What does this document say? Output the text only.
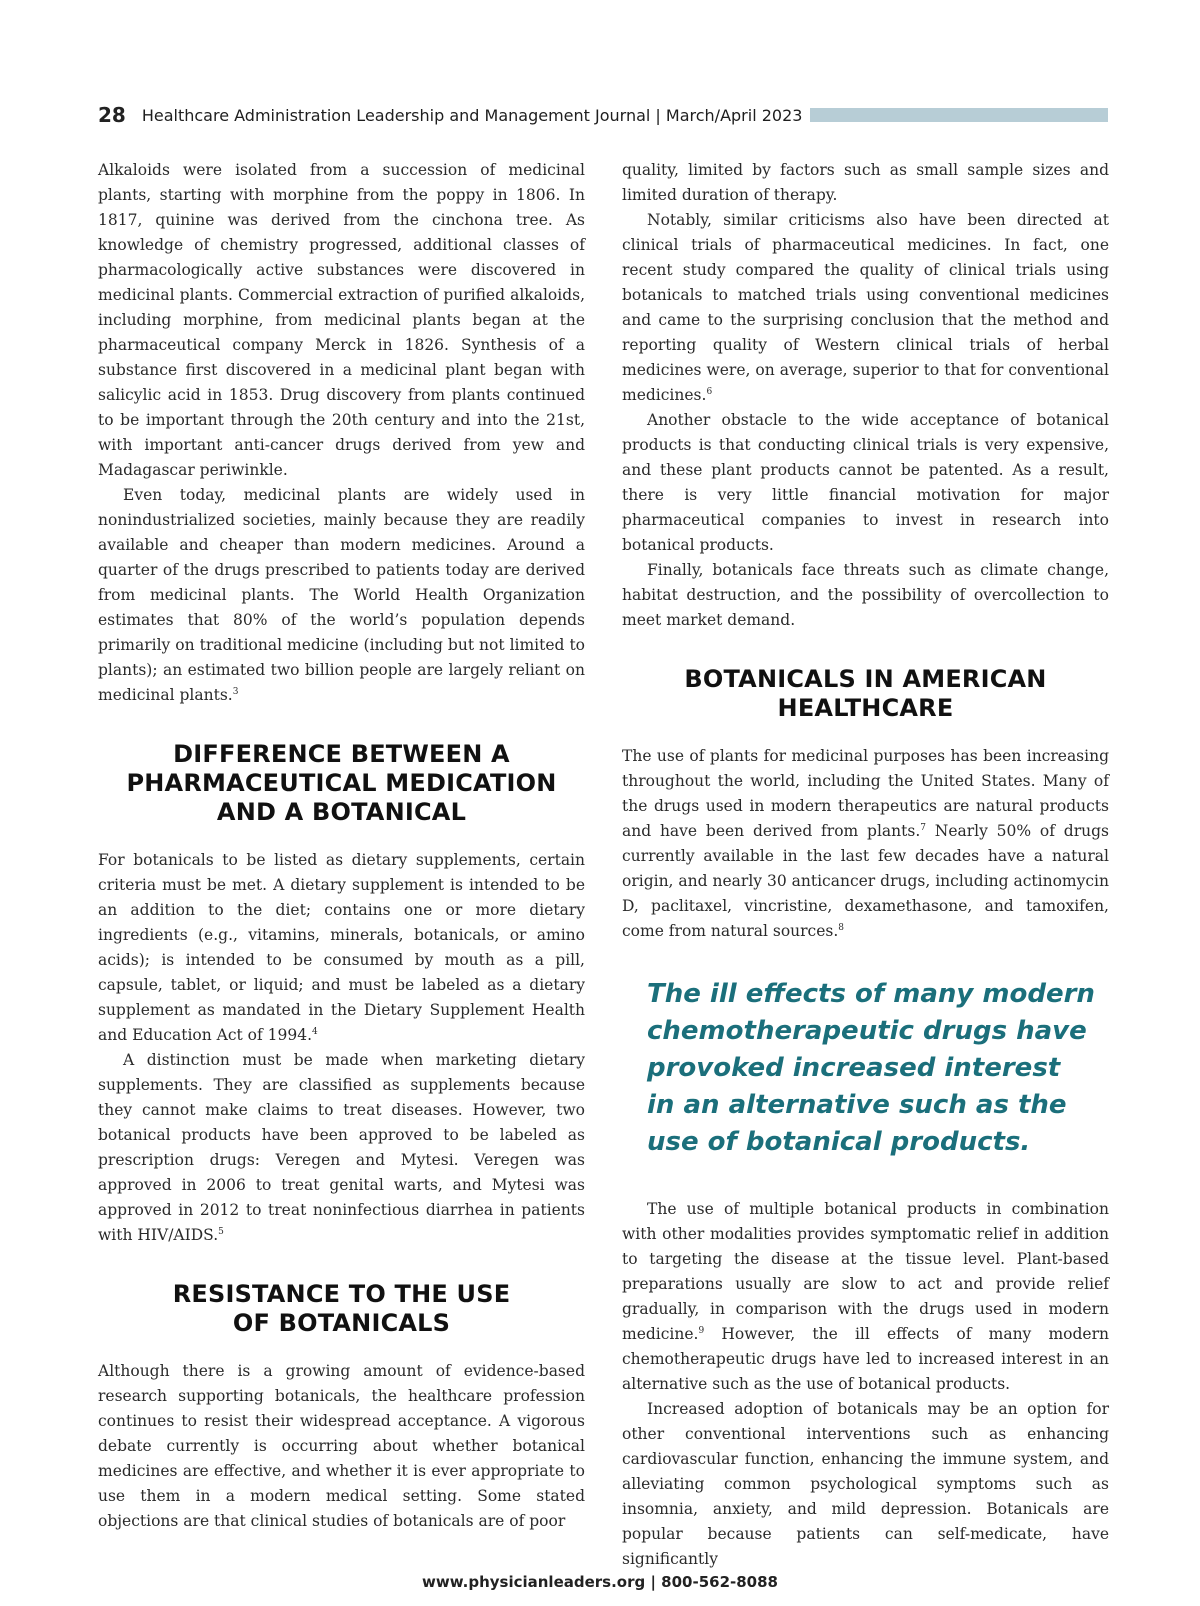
28 Healthcare Administration Leadership and Management Journal | March/April 2023

Alkaloids were isolated from a succession of medicinal plants, starting with morphine from the poppy in 1806. In 1817, quinine was derived from the cinchona tree. As knowledge of chemistry progressed, additional classes of pharmacologically active substances were discovered in medicinal plants. Commercial extraction of purified alkaloids, including morphine, from medicinal plants began at the pharmaceutical company Merck in 1826. Synthesis of a substance first discovered in a medicinal plant began with salicylic acid in 1853. Drug discovery from plants continued to be important through the 20th century and into the 21st, with important anti-cancer drugs derived from yew and Madagascar periwinkle.

Even today, medicinal plants are widely used in nonindustrialized societies, mainly because they are readily available and cheaper than modern medicines. Around a quarter of the drugs prescribed to patients today are derived from medicinal plants. The World Health Organization estimates that 80% of the world’s population depends primarily on traditional medicine (including but not limited to plants); an estimated two billion people are largely reliant on medicinal plants.$^3$

DIFFERENCE BETWEEN A
PHARMACEUTICAL MEDICATION
AND A BOTANICAL

For botanicals to be listed as dietary supplements, certain criteria must be met. A dietary supplement is intended to be an addition to the diet; contains one or more dietary ingredients (e.g., vitamins, minerals, botanicals, or amino acids); is intended to be consumed by mouth as a pill, capsule, tablet, or liquid; and must be labeled as a dietary supplement as mandated in the Dietary Supplement Health and Education Act of 1994.$^4$

A distinction must be made when marketing dietary supplements. They are classified as supplements because they cannot make claims to treat diseases. However, two botanical products have been approved to be labeled as prescription drugs: Veregen and Mytesi. Veregen was approved in 2006 to treat genital warts, and Mytesi was approved in 2012 to treat noninfectious diarrhea in patients with HIV/AIDS.$^5$

RESISTANCE TO THE USE
OF BOTANICALS

Although there is a growing amount of evidence-based research supporting botanicals, the healthcare profession continues to resist their widespread acceptance. A vigorous debate currently is occurring about whether botanical medicines are effective, and whether it is ever appropriate to use them in a modern medical setting. Some stated objections are that clinical studies of botanicals are of poor

quality, limited by factors such as small sample sizes and limited duration of therapy.

Notably, similar criticisms also have been directed at clinical trials of pharmaceutical medicines. In fact, one recent study compared the quality of clinical trials using botanicals to matched trials using conventional medicines and came to the surprising conclusion that the method and reporting quality of Western clinical trials of herbal medicines were, on average, superior to that for conventional medicines.$^6$

Another obstacle to the wide acceptance of botanical products is that conducting clinical trials is very expensive, and these plant products cannot be patented. As a result, there is very little financial motivation for major pharmaceutical companies to invest in research into botanical products.

Finally, botanicals face threats such as climate change, habitat destruction, and the possibility of overcollection to meet market demand.

BOTANICALS IN AMERICAN
HEALTHCARE

The use of plants for medicinal purposes has been increasing throughout the world, including the United States. Many of the drugs used in modern therapeutics are natural products and have been derived from plants.$^7$ Nearly 50% of drugs currently available in the last few decades have a natural origin, and nearly 30 anticancer drugs, including actinomycin D, paclitaxel, vincristine, dexamethasone, and tamoxifen, come from natural sources.$^8$

The ill effects of many modern
chemotherapeutic drugs have
provoked increased interest
in an alternative such as the
use of botanical products.

The use of multiple botanical products in combination with other modalities provides symptomatic relief in addition to targeting the disease at the tissue level. Plant-based preparations usually are slow to act and provide relief gradually, in comparison with the drugs used in modern medicine.$^9$ However, the ill effects of many modern chemotherapeutic drugs have led to increased interest in an alternative such as the use of botanical products.

Increased adoption of botanicals may be an option for other conventional interventions such as enhancing cardiovascular function, enhancing the immune system, and alleviating common psychological symptoms such as insomnia, anxiety, and mild depression. Botanicals are popular because patients can self-medicate, have significantly

www.physicianleaders.org | 800-562-8088
